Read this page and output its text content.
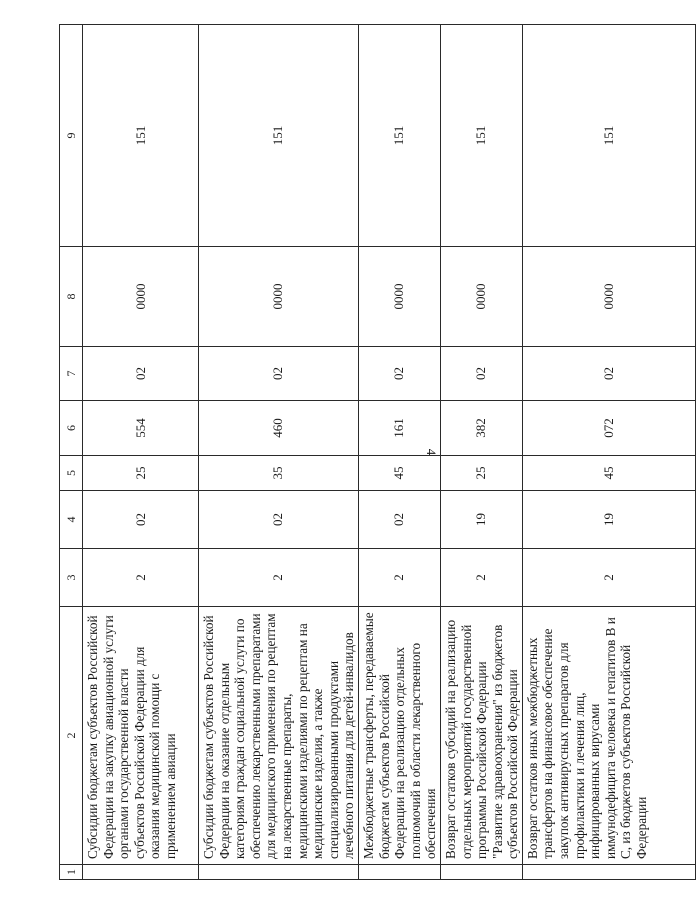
4
1	2	3	4	5	6	7	8	9
	Субсидии бюджетам субъектов Российской Федерации на закупку авиационной услуги органами государственной власти субъектов Российской Федерации для оказания медицинской помощи с применением авиации	2	02	25	554	02	0000	151
	Субсидии бюджетам субъектов Российской Федерации на оказание отдельным категориям граждан социальной услуги по обеспечению лекарственными препаратами для медицинского применения по рецептам на лекарственные препараты, медицинскими изделиями по рецептам на медицинские изделия, а также специализированными продуктами лечебного питания для детей-инвалидов	2	02	35	460	02	0000	151
	Межбюджетные трансферты, передаваемые бюджетам субъектов Российской Федерации на реализацию отдельных полномочий в области лекарственного обеспечения	2	02	45	161	02	0000	151
	Возврат остатков субсидий на реализацию отдельных мероприятий государственной программы Российской Федерации "Развитие здравоохранения" из бюджетов субъектов Российской Федерации	2	19	25	382	02	0000	151
	Возврат остатков иных межбюджетных трансфертов на финансовое обеспечение закупок антивирусных препаратов для профилактики и лечения лиц, инфицированных вирусами иммунодефицита человека и гепатитов B и C, из бюджетов субъектов Российской Федерации	2	19	45	072	02	0000	151
